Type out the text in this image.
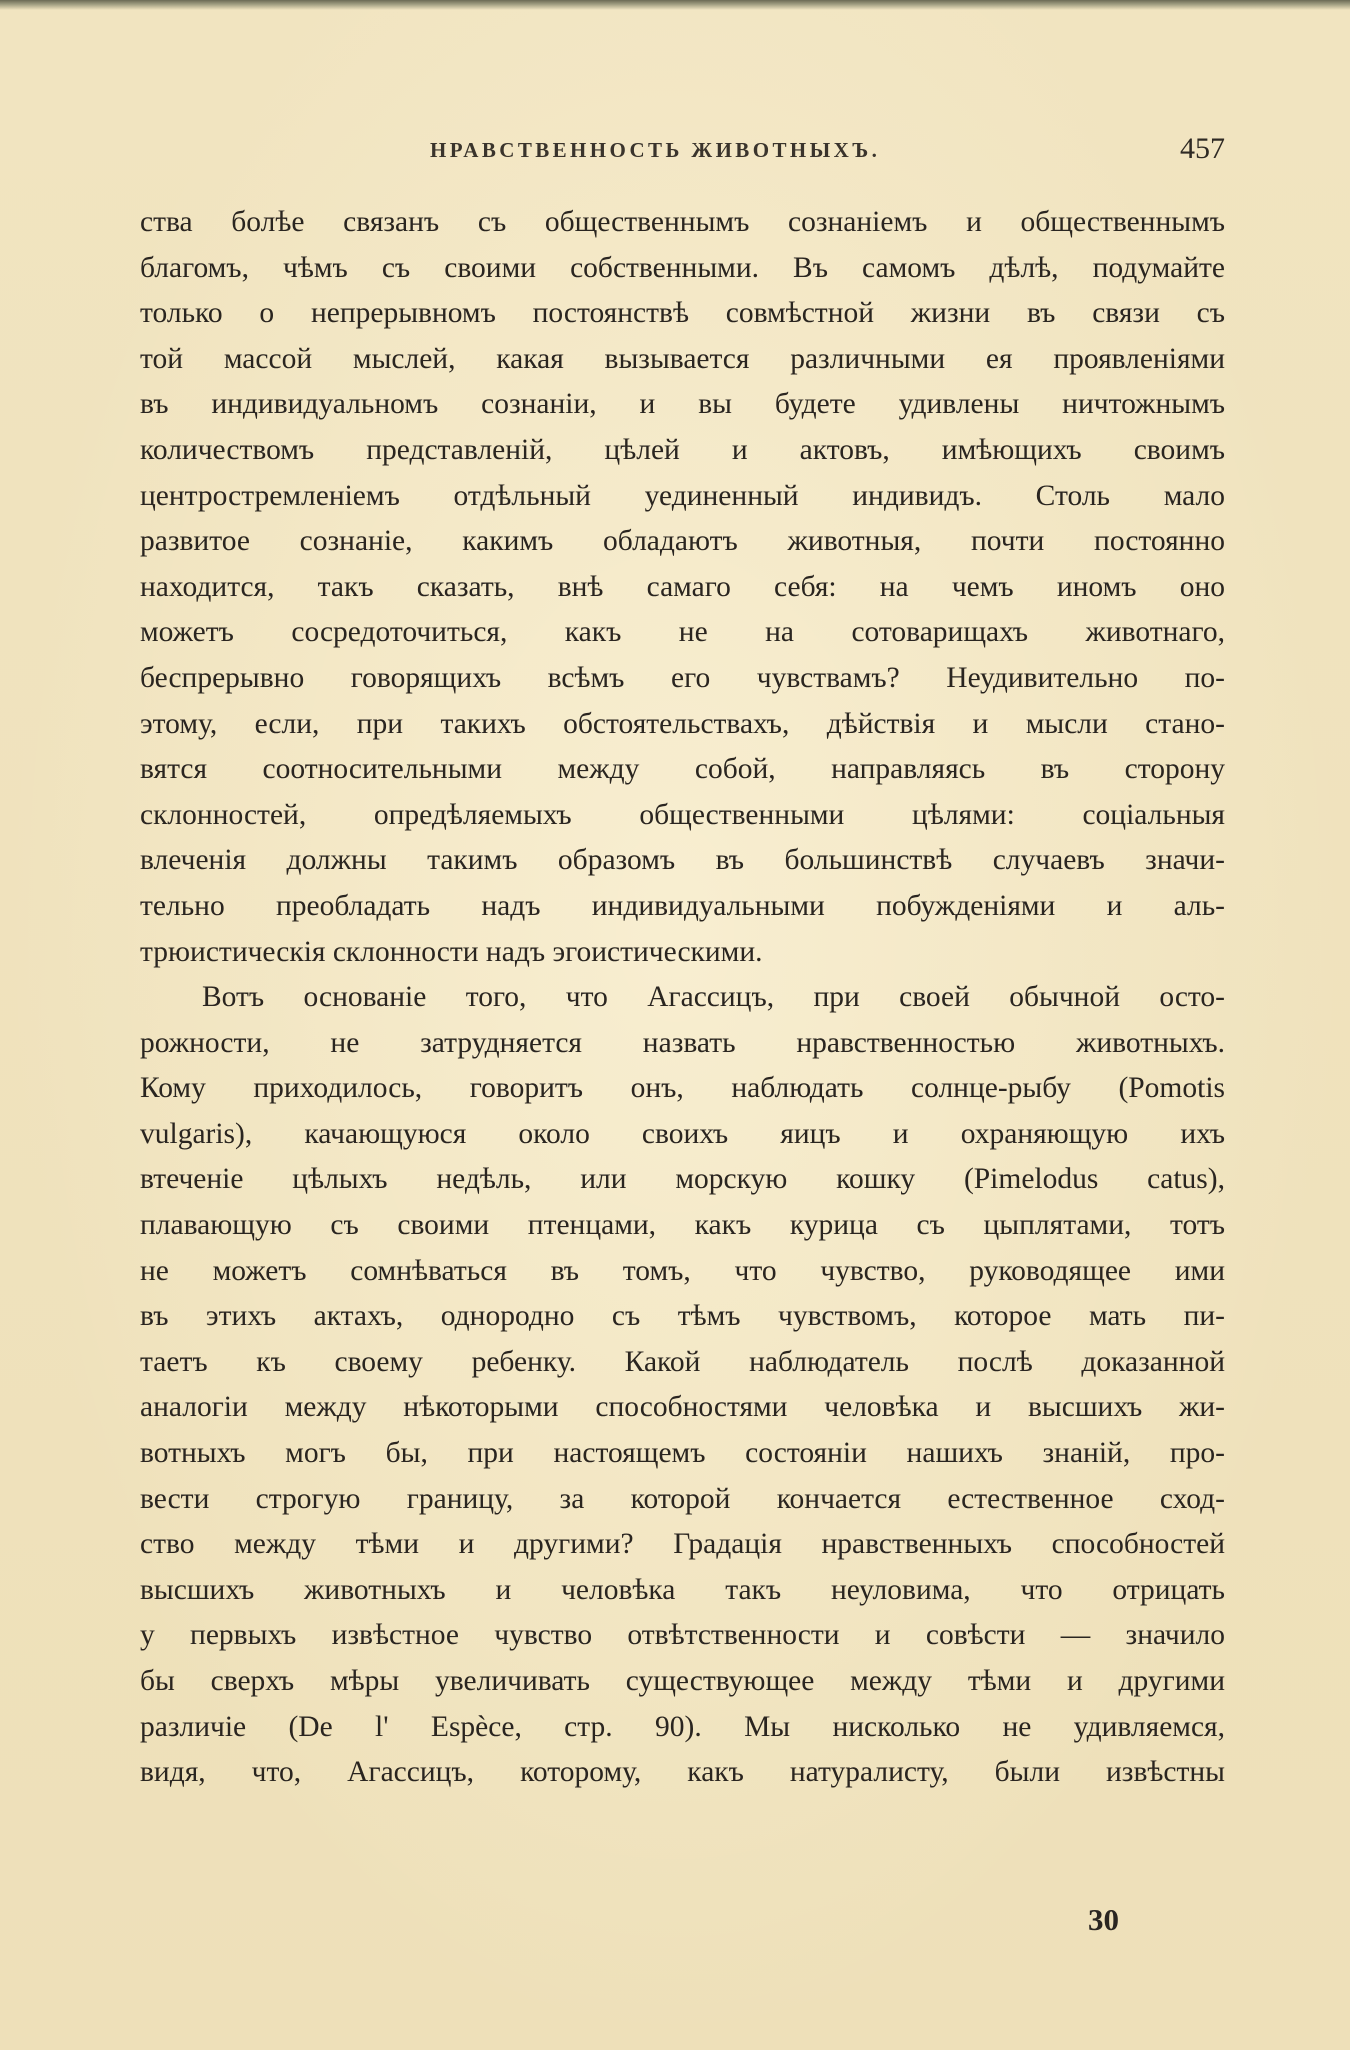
НРАВСТВЕННОСТЬ ЖИВОТНЫХЪ.	457
ства болѣе связанъ съ общественнымъ сознаніемъ и общественнымъ
благомъ, чѣмъ съ своими собственными. Въ самомъ дѣлѣ, подумайте
только о непрерывномъ постоянствѣ совмѣстной жизни въ связи съ
той массой мыслей, какая вызывается различными ея проявленіями
въ индивидуальномъ сознаніи, и вы будете удивлены ничтожнымъ
количествомъ представленій, цѣлей и актовъ, имѣющихъ своимъ
центростремленіемъ отдѣльный уединенный индивидъ. Столь мало
развитое сознаніе, какимъ обладаютъ животныя, почти постоянно
находится, такъ сказать, внѣ самаго себя: на чемъ иномъ оно
можетъ сосредоточиться, какъ не на сотоварищахъ животнаго,
беспрерывно говорящихъ всѣмъ его чувствамъ? Неудивительно по-
этому, если, при такихъ обстоятельствахъ, дѣйствія и мысли стано-
вятся соотносительными между собой, направляясь въ сторону
склонностей, опредѣляемыхъ общественными цѣлями: соціальныя
влеченія должны такимъ образомъ въ большинствѣ случаевъ значи-
тельно преобладать надъ индивидуальными побужденіями и аль-
трюистическія склонности надъ эгоистическими.
Вотъ основаніе того, что Агассицъ, при своей обычной осто-
рожности, не затрудняется назвать нравственностью животныхъ.
Кому приходилось, говоритъ онъ, наблюдать солнце-рыбу (Pomotis
vulgaris), качающуюся около своихъ яицъ и охраняющую ихъ
втеченіе цѣлыхъ недѣль, или морскую кошку (Pimelodus catus),
плавающую съ своими птенцами, какъ курица съ цыплятами, тотъ
не можетъ сомнѣваться въ томъ, что чувство, руководящее ими
въ этихъ актахъ, однородно съ тѣмъ чувствомъ, которое мать пи-
таетъ къ своему ребенку. Какой наблюдатель послѣ доказанной
аналогіи между нѣкоторыми способностями человѣка и высшихъ жи-
вотныхъ могъ бы, при настоящемъ состояніи нашихъ знаній, про-
вести строгую границу, за которой кончается естественное сход-
ство между тѣми и другими? Градація нравственныхъ способностей
высшихъ животныхъ и человѣка такъ неуловима, что отрицать
у первыхъ извѣстное чувство отвѣтственности и совѣсти — значило
бы сверхъ мѣры увеличивать существующее между тѣми и другими
различіе (De l' Espèce, стр. 90). Мы нисколько не удивляемся,
видя, что, Агассицъ, которому, какъ натуралисту, были извѣстны
30
